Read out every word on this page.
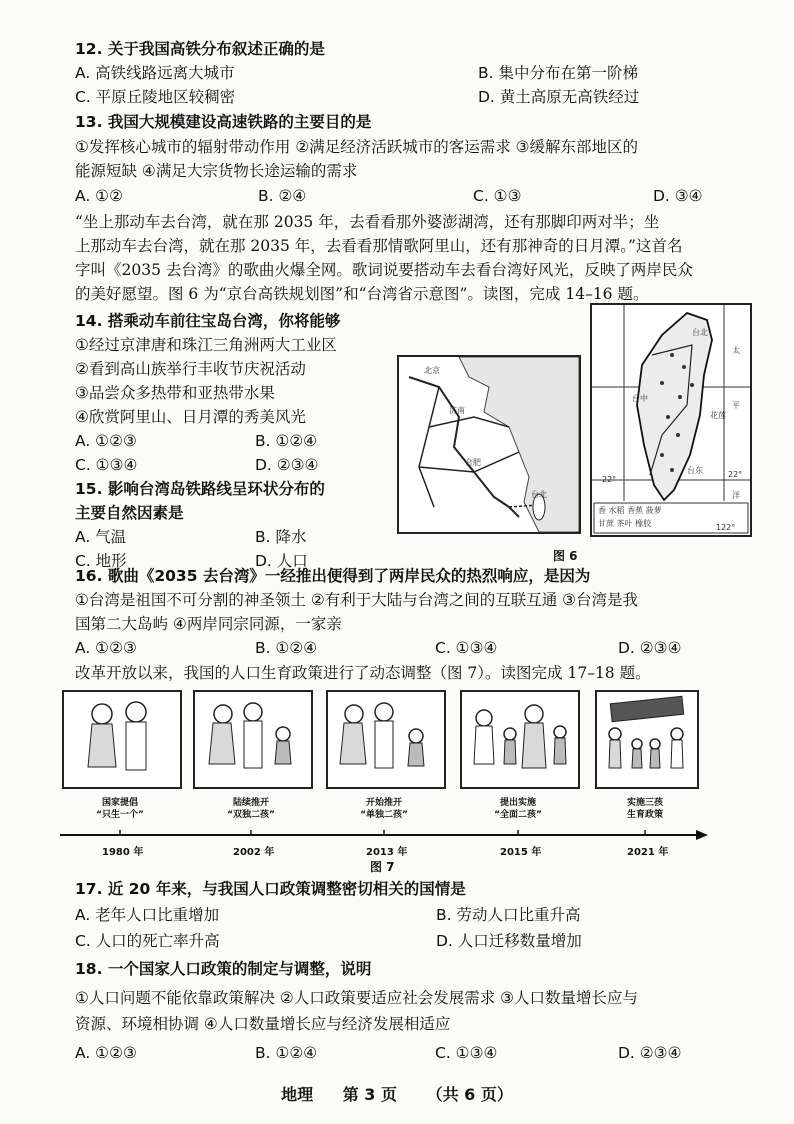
12. 关于我国高铁分布叙述正确的是
A. 高铁线路远离大城市	B. 集中分布在第一阶梯
C. 平原丘陵地区较稠密	D. 黄土高原无高铁经过
13. 我国大规模建设高速铁路的主要目的是
①发挥核心城市的辐射带动作用 ②满足经济活跃城市的客运需求 ③缓解东部地区的
能源短缺 ④满足大宗货物长途运输的需求
A. ①②	B. ②④	C. ①③	D. ③④
“坐上那动车去台湾，就在那 2035 年，去看看那外婆澎湖湾，还有那脚印两对半；坐
上那动车去台湾，就在那 2035 年，去看看那情歌阿里山，还有那神奇的日月潭。”这首名
字叫《2035 去台湾》的歌曲火爆全网。歌词说要搭动车去看台湾好风光，反映了两岸民众
的美好愿望。图 6 为“京台高铁规划图”和“台湾省示意图”。读图，完成 14–16 题。
14. 搭乘动车前往宝岛台湾，你将能够
①经过京津唐和珠江三角洲两大工业区
②看到高山族举行丰收节庆祝活动
③品尝众多热带和亚热带水果
④欣赏阿里山、日月潭的秀美风光
A. ①②③	B. ①②④
C. ①③④	D. ②③④
15. 影响台湾岛铁路线呈环状分布的
主要自然因素是
A. 气温	B. 降水
C. 地形	D. 人口
北京
济南
合肥
台北
太
平
洋
台北
台中
花莲
台东
22°
22°
122°
香 水稻 香蕉 菠萝
甘蔗 茶叶 橡胶
图 6
16. 歌曲《2035 去台湾》一经推出便得到了两岸民众的热烈响应，是因为
①台湾是祖国不可分割的神圣领土 ②有利于大陆与台湾之间的互联互通 ③台湾是我
国第二大岛屿 ④两岸同宗同源，一家亲
A. ①②③	B. ①②④	C. ①③④	D. ②③④
改革开放以来，我国的人口生育政策进行了动态调整（图 7）。读图完成 17–18 题。
国家提倡
“只生一个”
陆续推开
“双独二孩”
开始推开
“单独二孩”
提出实施
“全面二孩”
实施三孩
生育政策
1980 年	2002 年	2013 年	2015 年	2021 年
图 7
17. 近 20 年来，与我国人口政策调整密切相关的国情是
A. 老年人口比重增加	B. 劳动人口比重升高
C. 人口的死亡率升高	D. 人口迁移数量增加
18. 一个国家人口政策的制定与调整，说明
①人口问题不能依靠政策解决 ②人口政策要适应社会发展需求 ③人口数量增长应与
资源、环境相协调 ④人口数量增长应与经济发展相适应
A. ①②③	B. ①②④	C. ①③④	D. ②③④
地理 第 3 页 （共 6 页）
